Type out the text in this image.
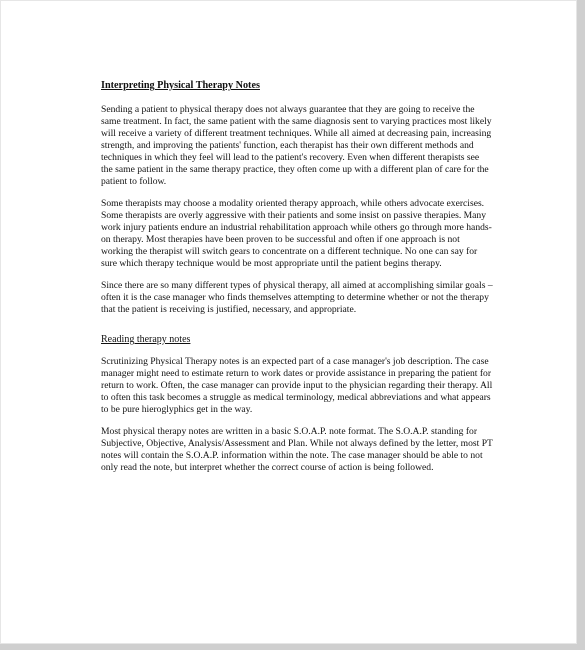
Interpreting Physical Therapy Notes

Sending a patient to physical therapy does not always guarantee that they are going to receive the same treatment. In fact, the same patient with the same diagnosis sent to varying practices most likely will receive a variety of different treatment techniques. While all aimed at decreasing pain, increasing strength, and improving the patients' function, each therapist has their own different methods and techniques in which they feel will lead to the patient's recovery. Even when different therapists see the same patient in the same therapy practice, they often come up with a different plan of care for the patient to follow.

Some therapists may choose a modality oriented therapy approach, while others advocate exercises. Some therapists are overly aggressive with their patients and some insist on passive therapies. Many work injury patients endure an industrial rehabilitation approach while others go through more hands-on therapy. Most therapies have been proven to be successful and often if one approach is not working the therapist will switch gears to concentrate on a different technique. No one can say for sure which therapy technique would be most appropriate until the patient begins therapy.

Since there are so many different types of physical therapy, all aimed at accomplishing similar goals – often it is the case manager who finds themselves attempting to determine whether or not the therapy that the patient is receiving is justified, necessary, and appropriate.

Reading therapy notes

Scrutinizing Physical Therapy notes is an expected part of a case manager's job description. The case manager might need to estimate return to work dates or provide assistance in preparing the patient for return to work. Often, the case manager can provide input to the physician regarding their therapy. All to often this task becomes a struggle as medical terminology, medical abbreviations and what appears to be pure hieroglyphics get in the way.

Most physical therapy notes are written in a basic S.O.A.P. note format. The S.O.A.P. standing for Subjective, Objective, Analysis/Assessment and Plan. While not always defined by the letter, most PT notes will contain the S.O.A.P. information within the note. The case manager should be able to not only read the note, but interpret whether the correct course of action is being followed.
